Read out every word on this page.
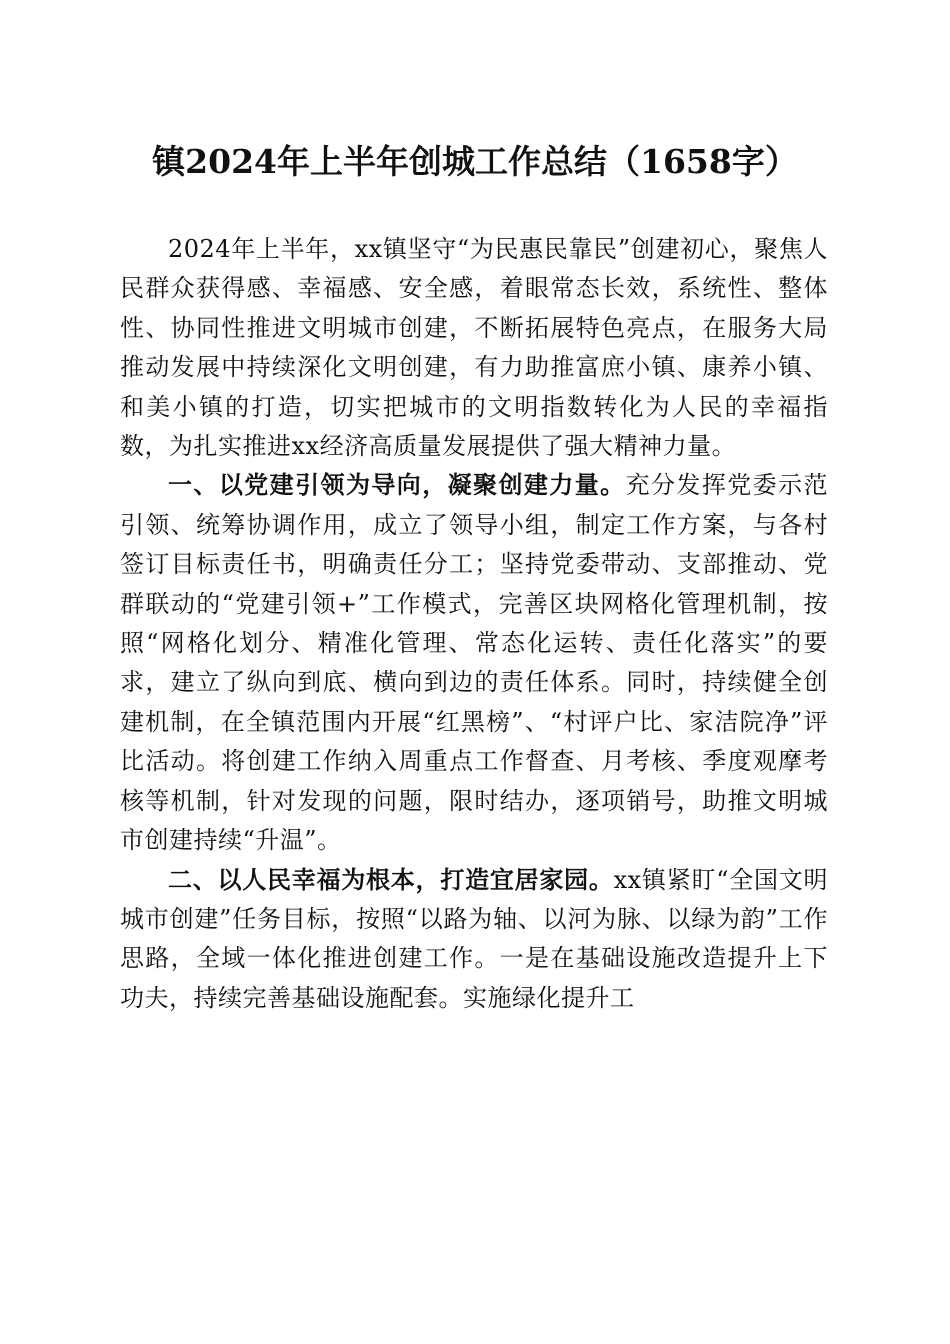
镇2024年上半年创城工作总结（1658字）

2024年上半年，xx镇坚守“为民惠民靠民”创建初心，聚焦人民群众获得感、幸福感、安全感，着眼常态长效，系统性、整体性、协同性推进文明城市创建，不断拓展特色亮点，在服务大局推动发展中持续深化文明创建，有力助推富庶小镇、康养小镇、和美小镇的打造，切实把城市的文明指数转化为人民的幸福指数，为扎实推进xx经济高质量发展提供了强大精神力量。

一、以党建引领为导向，凝聚创建力量。充分发挥党委示范引领、统筹协调作用，成立了领导小组，制定工作方案，与各村签订目标责任书，明确责任分工；坚持党委带动、支部推动、党群联动的“党建引领+”工作模式，完善区块网格化管理机制，按照“网格化划分、精准化管理、常态化运转、责任化落实”的要求，建立了纵向到底、横向到边的责任体系。同时，持续健全创建机制，在全镇范围内开展“红黑榜”、“村评户比、家洁院净”评比活动。将创建工作纳入周重点工作督查、月考核、季度观摩考核等机制，针对发现的问题，限时结办，逐项销号，助推文明城市创建持续“升温”。

二、以人民幸福为根本，打造宜居家园。xx镇紧盯“全国文明城市创建”任务目标，按照“以路为轴、以河为脉、以绿为韵”工作思路，全域一体化推进创建工作。一是在基础设施改造提升上下功夫，持续完善基础设施配套。实施绿化提升工
